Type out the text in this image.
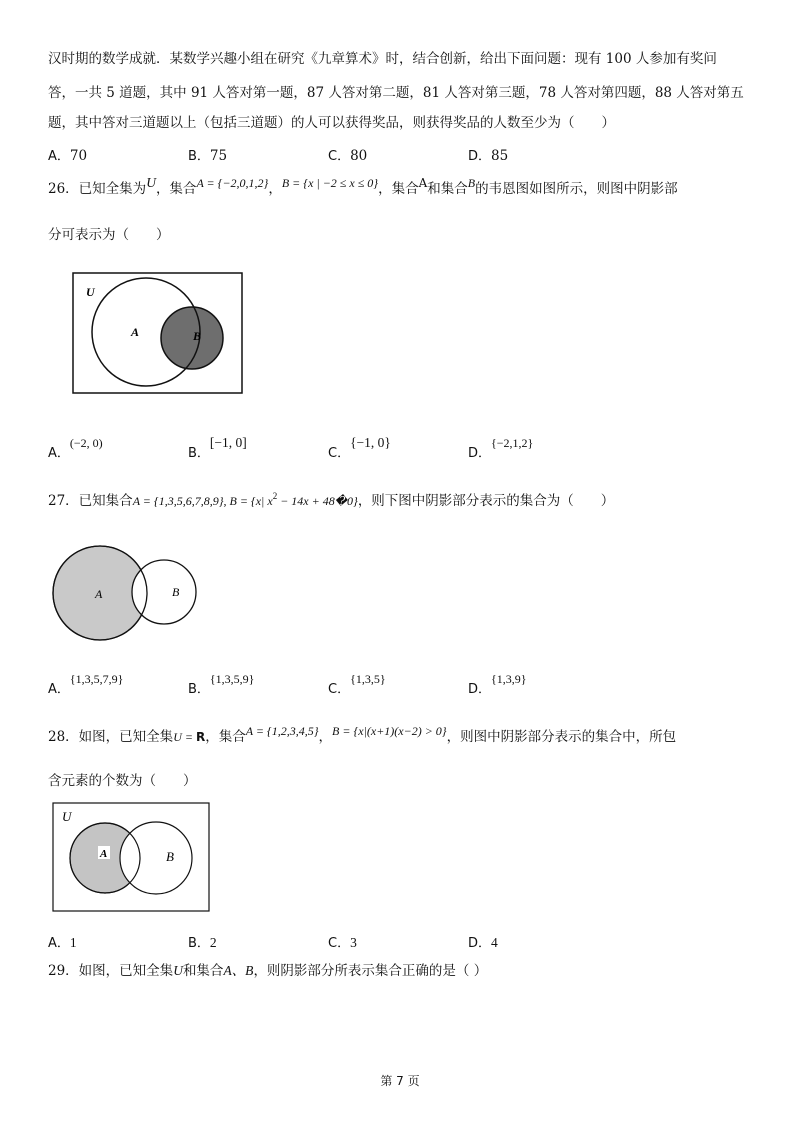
汉时期的数学成就．某数学兴趣小组在研究《九章算术》时，结合创新，给出下面问题：现有 100 人参加有奖问
答，一共 5 道题，其中 91 人答对第一题，87 人答对第二题，81 人答对第三题，78 人答对第四题，88 人答对第五
题，其中答对三道题以上（包括三道题）的人可以获得奖品，则获得奖品的人数至少为（　　）
A．70	B．75	C．80	D．85
26．已知全集为U，集合A = {−2,0,1,2}，B = {x | −2 ≤ x ≤ 0}，集合A和集合B的韦恩图如图所示，则图中阴影部
分可表示为（　　）
U
A	B
A．(−2, 0)
B．[−1, 0]
C．{−1, 0}
D．{−2,1,2}
27．已知集合A = {1,3,5,6,7,8,9}, B = {x| $x^2 - 14x$ + 48�0}，则下图中阴影部分表示的集合为（　　）
A	B
A．{1,3,5,7,9}
B．{1,3,5,9}
C．{1,3,5}
D．{1,3,9}
28．如图，已知全集U = R，集合A = {1,2,3,4,5}，B = {x|(x+1)(x−2) > 0}，则图中阴影部分表示的集合中，所包
含元素的个数为（　　）
U
A	B
A．1	B．2	C．3	D．4
29．如图，已知全集U和集合A、B，则阴影部分所表示集合正确的是（ ）
第 7 页
